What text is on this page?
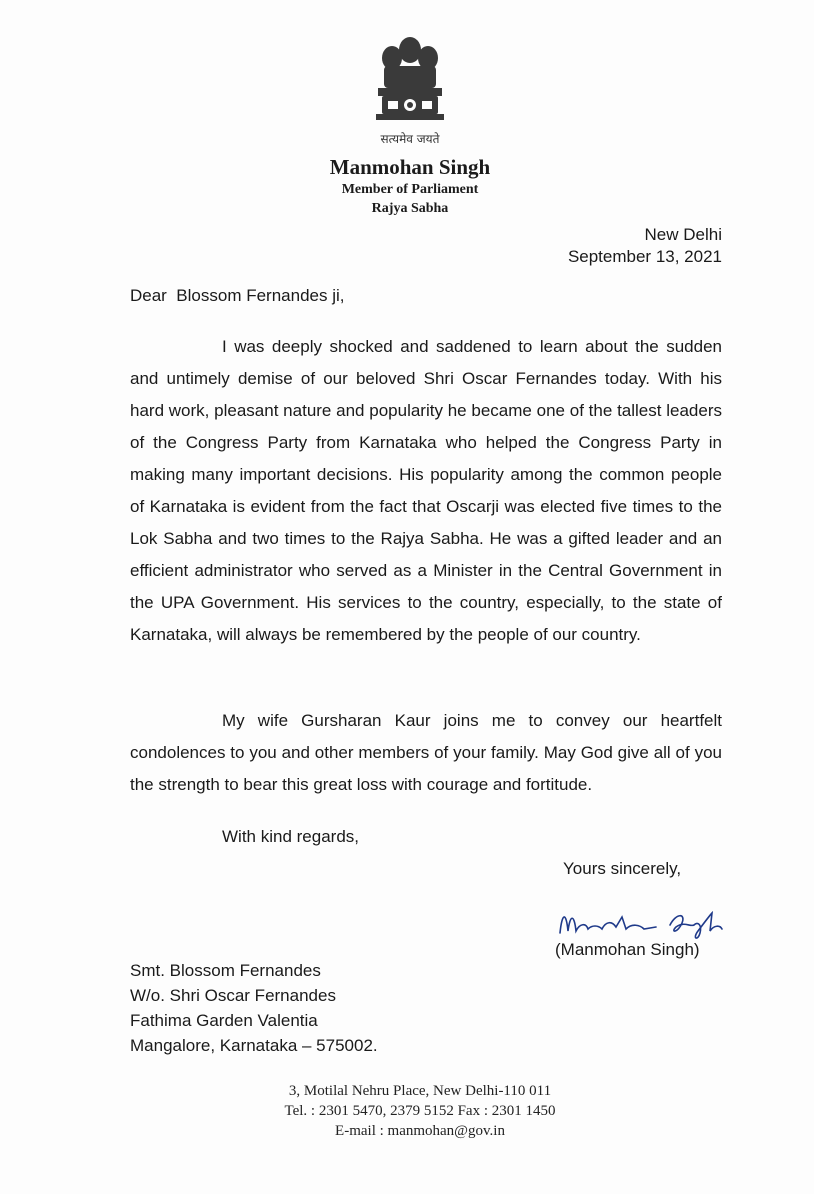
सत्यमेव जयते
Manmohan Singh
Member of Parliament
Rajya Sabha
New Delhi
September 13, 2021
Dear  Blossom Fernandes ji,

I was deeply shocked and saddened to learn about the sudden and untimely demise of our beloved Shri Oscar Fernandes today. With his hard work, pleasant nature and popularity he became one of the tallest leaders of the Congress Party from Karnataka who helped the Congress Party in making many important decisions. His popularity among the common people of Karnataka is evident from the fact that Oscarji was elected five times to the Lok Sabha and two times to the Rajya Sabha. He was a gifted leader and an efficient administrator who served as a Minister in the Central Government in the UPA Government. His services to the country, especially, to the state of Karnataka, will always be remembered by the people of our country.

My wife Gursharan Kaur joins me to convey our heartfelt condolences to you and other members of your family. May God give all of you the strength to bear this great loss with courage and fortitude.

With kind regards,
Yours sincerely,
(Manmohan Singh)
Smt. Blossom Fernandes
W/o. Shri Oscar Fernandes
Fathima Garden Valentia
Mangalore, Karnataka – 575002.
3, Motilal Nehru Place, New Delhi-110 011
Tel. : 2301 5470, 2379 5152 Fax : 2301 1450
E-mail : manmohan@gov.in
